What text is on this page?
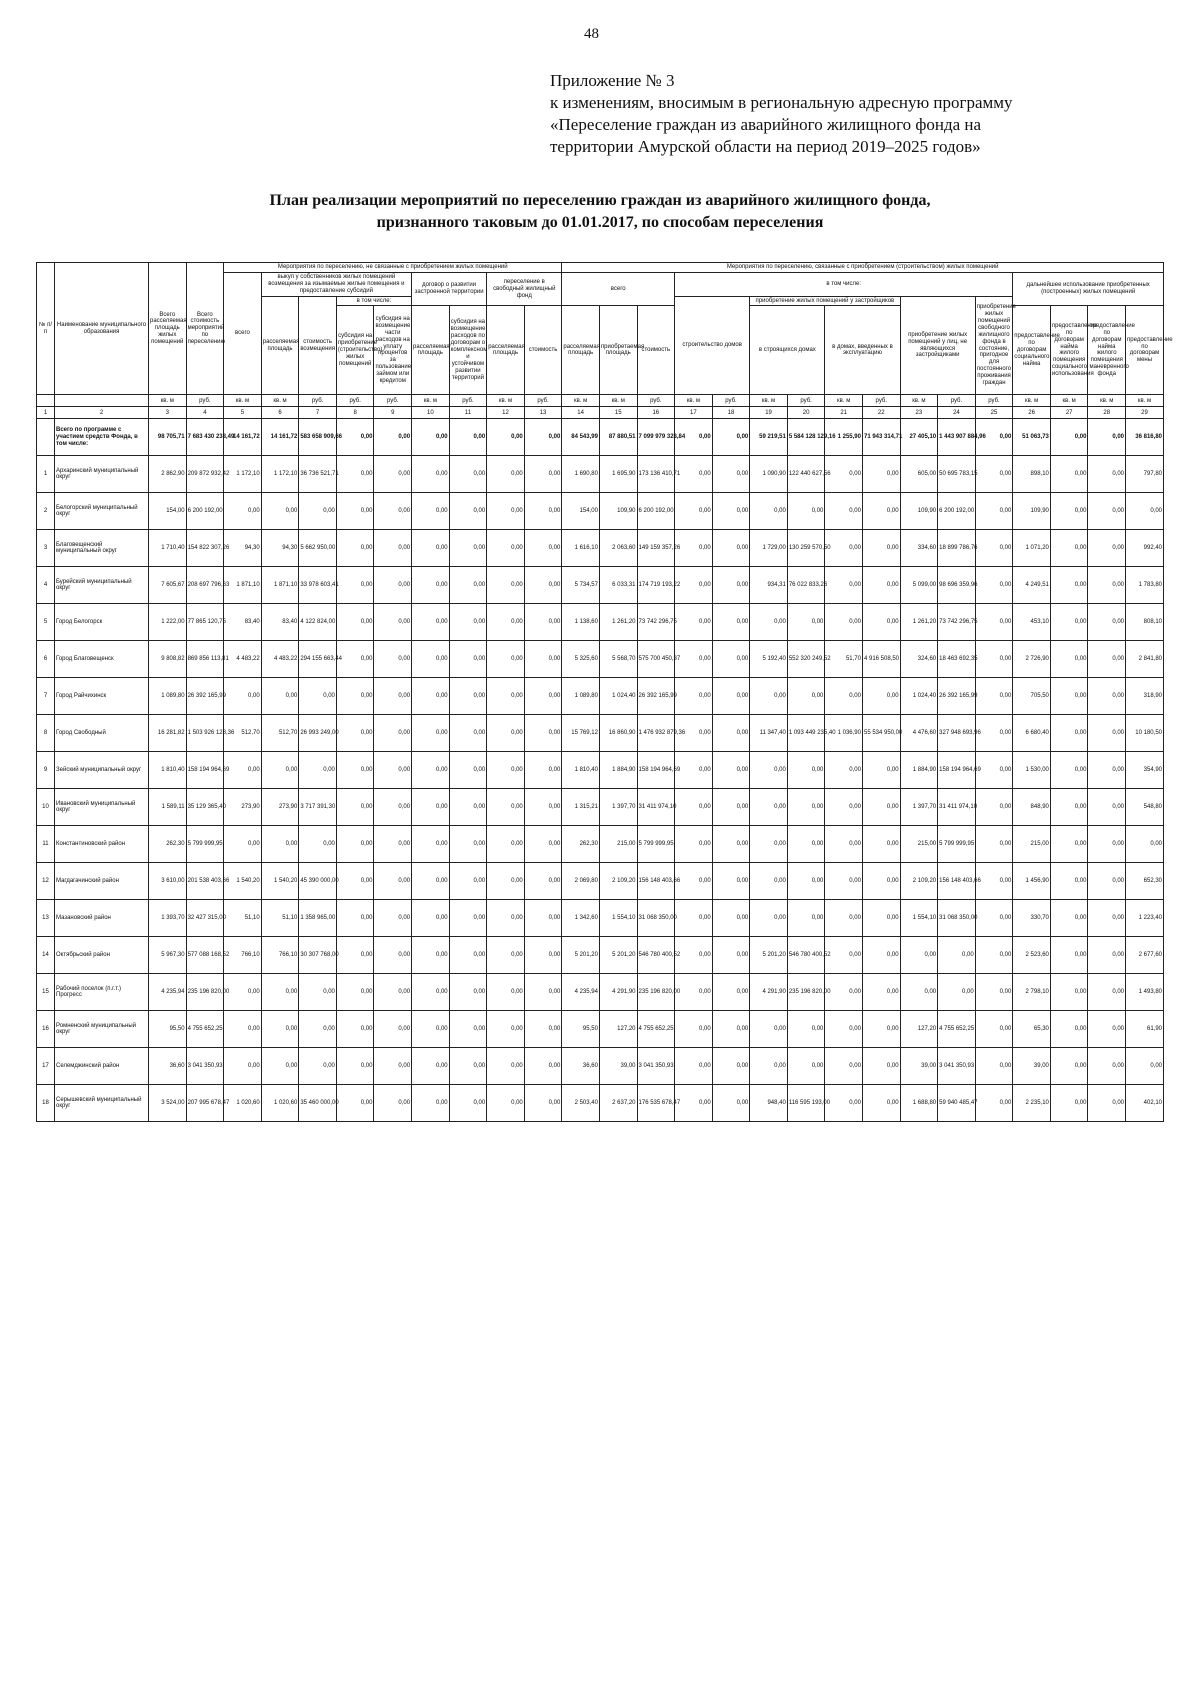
48
Приложение № 3
к изменениям, вносимым в региональную адресную программу
«Переселение граждан из аварийного жилищного фонда на
территории Амурской области на период 2019–2025 годов»
План реализации мероприятий по переселению граждан из аварийного жилищного фонда,
признанного таковым до 01.01.2017, по способам переселения
№ п/п	Наименование муниципального образования	Всего расселяемая площадь жилых помещений	Всего стоимость мероприятий по переселению	Мероприятия по переселению, не связанные с приобретением жилых помещений									Мероприятия по переселению, связанные с приобретением (строительством) жилых помещений															
				всего	выкуп у собственников жилых помещений возмещения за изымаемые жилые помещения и предоставление субсидий				договор о развитии застроенной территории		переселение в свободный жилищный фонд		всего			в том числе:									дальнейшее использование приобретенных (построенных) жилых помещений			
					расселяемая площадь	стоимость возмещения	в том числе:									строительство домов		приобретение жилых помещений у застройщиков				приобретение жилых помещений у лиц, не являющихся застройщиками		приобретение жилых помещений свободного жилищного фонда в состояние, пригодное для постоянного проживания граждан				
							субсидия на приобретение (строительство) жилых помещений	субсидия на возмещение части расходов на уплату процентов за пользование займом или кредитом	расселяемая площадь	субсидия на возмещение расходов по договорам о комплексном и устойчивом развитии территорий	расселяемая площадь	стоимость	расселяемая площадь	приобретаемая площадь	стоимость			в строящихся домах		в домах, введенных в эксплуатацию					предоставление по договорам социального найма	предоставление по договорам найма жилого помещения социального использования	предоставление по договорам найма жилого помещения маневренного фонда	предоставление по договорам мены
		кв. м	руб.	кв. м	кв. м	руб.	руб.	руб.	кв. м	руб.	кв. м	руб.	кв. м	кв. м	руб.	кв. м	руб.	кв. м	руб.	кв. м	руб.	кв. м	руб.	руб.	кв. м	кв. м	кв. м	кв. м
1	2	3	4	5	6	7	8	9	10	11	12	13	14	15	16	17	18	19	20	21	22	23	24	25	26	27	28	29
	Всего по программе с участием средств Фонда, в том числе:	98 705,71	7 683 430 238,49	14 161,72	14 161,72	583 658 909,66	0,00	0,00	0,00	0,00	0,00	0,00	84 543,99	87 880,51	7 099 979 328,84	0,00	0,00	59 219,51	5 584 128 129,16	1 255,90	71 943 314,71	27 405,10	1 443 907 884,96	0,00	51 063,73	0,00	0,00	36 816,80
1	Архаринский муниципальный округ	2 862,90	209 872 932,42	1 172,10	1 172,10	36 736 521,71	0,00	0,00	0,00	0,00	0,00	0,00	1 690,80	1 695,90	173 136 410,71	0,00	0,00	1 090,90	122 440 627,56	0,00	0,00	605,00	50 695 783,15	0,00	898,10	0,00	0,00	797,80
2	Белогорский муниципальный округ	154,00	6 200 192,00	0,00	0,00	0,00	0,00	0,00	0,00	0,00	0,00	0,00	154,00	109,90	6 200 192,00	0,00	0,00	0,00	0,00	0,00	0,00	109,90	6 200 192,00	0,00	109,90	0,00	0,00	0,00
3	Благовещенский муниципальный округ	1 710,40	154 822 307,26	94,30	94,30	5 662 950,00	0,00	0,00	0,00	0,00	0,00	0,00	1 616,10	2 063,60	149 159 357,26	0,00	0,00	1 729,00	130 259 570,50	0,00	0,00	334,60	18 899 786,76	0,00	1 071,20	0,00	0,00	992,40
4	Бурейский муниципальный округ	7 605,67	208 697 796,63	1 871,10	1 871,10	33 978 603,41	0,00	0,00	0,00	0,00	0,00	0,00	5 734,57	6 033,31	174 719 193,22	0,00	0,00	934,31	76 022 833,26	0,00	0,00	5 099,00	98 696 359,96	0,00	4 249,51	0,00	0,00	1 783,80
5	Город Белогорск	1 222,00	77 865 120,75	83,40	83,40	4 122 824,00	0,00	0,00	0,00	0,00	0,00	0,00	1 138,60	1 261,20	73 742 296,75	0,00	0,00	0,00	0,00	0,00	0,00	1 261,20	73 742 296,75	0,00	453,10	0,00	0,00	808,10
6	Город Благовещенск	9 808,82	869 856 113,81	4 483,22	4 483,22	294 155 663,44	0,00	0,00	0,00	0,00	0,00	0,00	5 325,60	5 568,70	575 700 450,37	0,00	0,00	5 192,40	552 320 249,52	51,70	4 916 508,50	324,60	18 463 692,35	0,00	2 726,90	0,00	0,00	2 841,80
7	Город Райчихинск	1 089,80	26 392 165,99	0,00	0,00	0,00	0,00	0,00	0,00	0,00	0,00	0,00	1 089,80	1 024,40	26 392 165,99	0,00	0,00	0,00	0,00	0,00	0,00	1 024,40	26 392 165,99	0,00	705,50	0,00	0,00	318,90
8	Город Свободный	16 281,82	1 503 926 128,36	512,70	512,70	26 993 249,00	0,00	0,00	0,00	0,00	0,00	0,00	15 769,12	16 860,90	1 476 932 879,36	0,00	0,00	11 347,40	1 093 449 235,40	1 036,90	55 534 950,00	4 476,60	327 948 693,96	0,00	6 680,40	0,00	0,00	10 180,50
9	Зейский муниципальный округ	1 810,40	158 194 964,69	0,00	0,00	0,00	0,00	0,00	0,00	0,00	0,00	0,00	1 810,40	1 884,90	158 194 964,69	0,00	0,00	0,00	0,00	0,00	0,00	1 884,90	158 194 964,69	0,00	1 530,00	0,00	0,00	354,90
10	Ивановский муниципальный округ	1 589,11	35 129 365,40	273,90	273,90	3 717 391,30	0,00	0,00	0,00	0,00	0,00	0,00	1 315,21	1 397,70	31 411 974,10	0,00	0,00	0,00	0,00	0,00	0,00	1 397,70	31 411 974,10	0,00	848,90	0,00	0,00	548,80
11	Константиновский район	262,30	5 799 999,95	0,00	0,00	0,00	0,00	0,00	0,00	0,00	0,00	0,00	262,30	215,00	5 799 999,95	0,00	0,00	0,00	0,00	0,00	0,00	215,00	5 799 999,95	0,00	215,00	0,00	0,00	0,00
12	Магдагачинский район	3 610,00	201 538 403,66	1 540,20	1 540,20	45 390 000,00	0,00	0,00	0,00	0,00	0,00	0,00	2 069,80	2 109,20	156 148 403,66	0,00	0,00	0,00	0,00	0,00	0,00	2 109,20	156 148 403,66	0,00	1 456,90	0,00	0,00	652,30
13	Мазановский район	1 393,70	32 427 315,00	51,10	51,10	1 358 965,00	0,00	0,00	0,00	0,00	0,00	0,00	1 342,60	1 554,10	31 068 350,00	0,00	0,00	0,00	0,00	0,00	0,00	1 554,10	31 068 350,00	0,00	330,70	0,00	0,00	1 223,40
14	Октябрьский район	5 967,30	577 088 168,52	766,10	766,10	30 307 768,00	0,00	0,00	0,00	0,00	0,00	0,00	5 201,20	5 201,20	546 780 400,52	0,00	0,00	5 201,20	546 780 400,52	0,00	0,00	0,00	0,00	0,00	2 523,60	0,00	0,00	2 677,60
15	Рабочий поселок (п.г.т.) Прогресс	4 235,94	235 196 820,00	0,00	0,00	0,00	0,00	0,00	0,00	0,00	0,00	0,00	4 235,94	4 291,90	235 196 820,00	0,00	0,00	4 291,90	235 196 820,00	0,00	0,00	0,00	0,00	0,00	2 798,10	0,00	0,00	1 493,80
16	Ромненский муниципальный округ	95,50	4 755 652,25	0,00	0,00	0,00	0,00	0,00	0,00	0,00	0,00	0,00	95,50	127,20	4 755 652,25	0,00	0,00	0,00	0,00	0,00	0,00	127,20	4 755 652,25	0,00	65,30	0,00	0,00	61,90
17	Селемджинский район	36,60	3 041 350,93	0,00	0,00	0,00	0,00	0,00	0,00	0,00	0,00	0,00	36,60	39,00	3 041 350,93	0,00	0,00	0,00	0,00	0,00	0,00	39,00	3 041 350,93	0,00	39,00	0,00	0,00	0,00
18	Серышевский муниципальный округ	3 524,00	207 995 678,47	1 020,60	1 020,60	35 460 000,00	0,00	0,00	0,00	0,00	0,00	0,00	2 503,40	2 637,20	176 535 678,47	0,00	0,00	948,40	116 595 193,00	0,00	0,00	1 688,80	59 940 485,47	0,00	2 235,10	0,00	0,00	402,10
